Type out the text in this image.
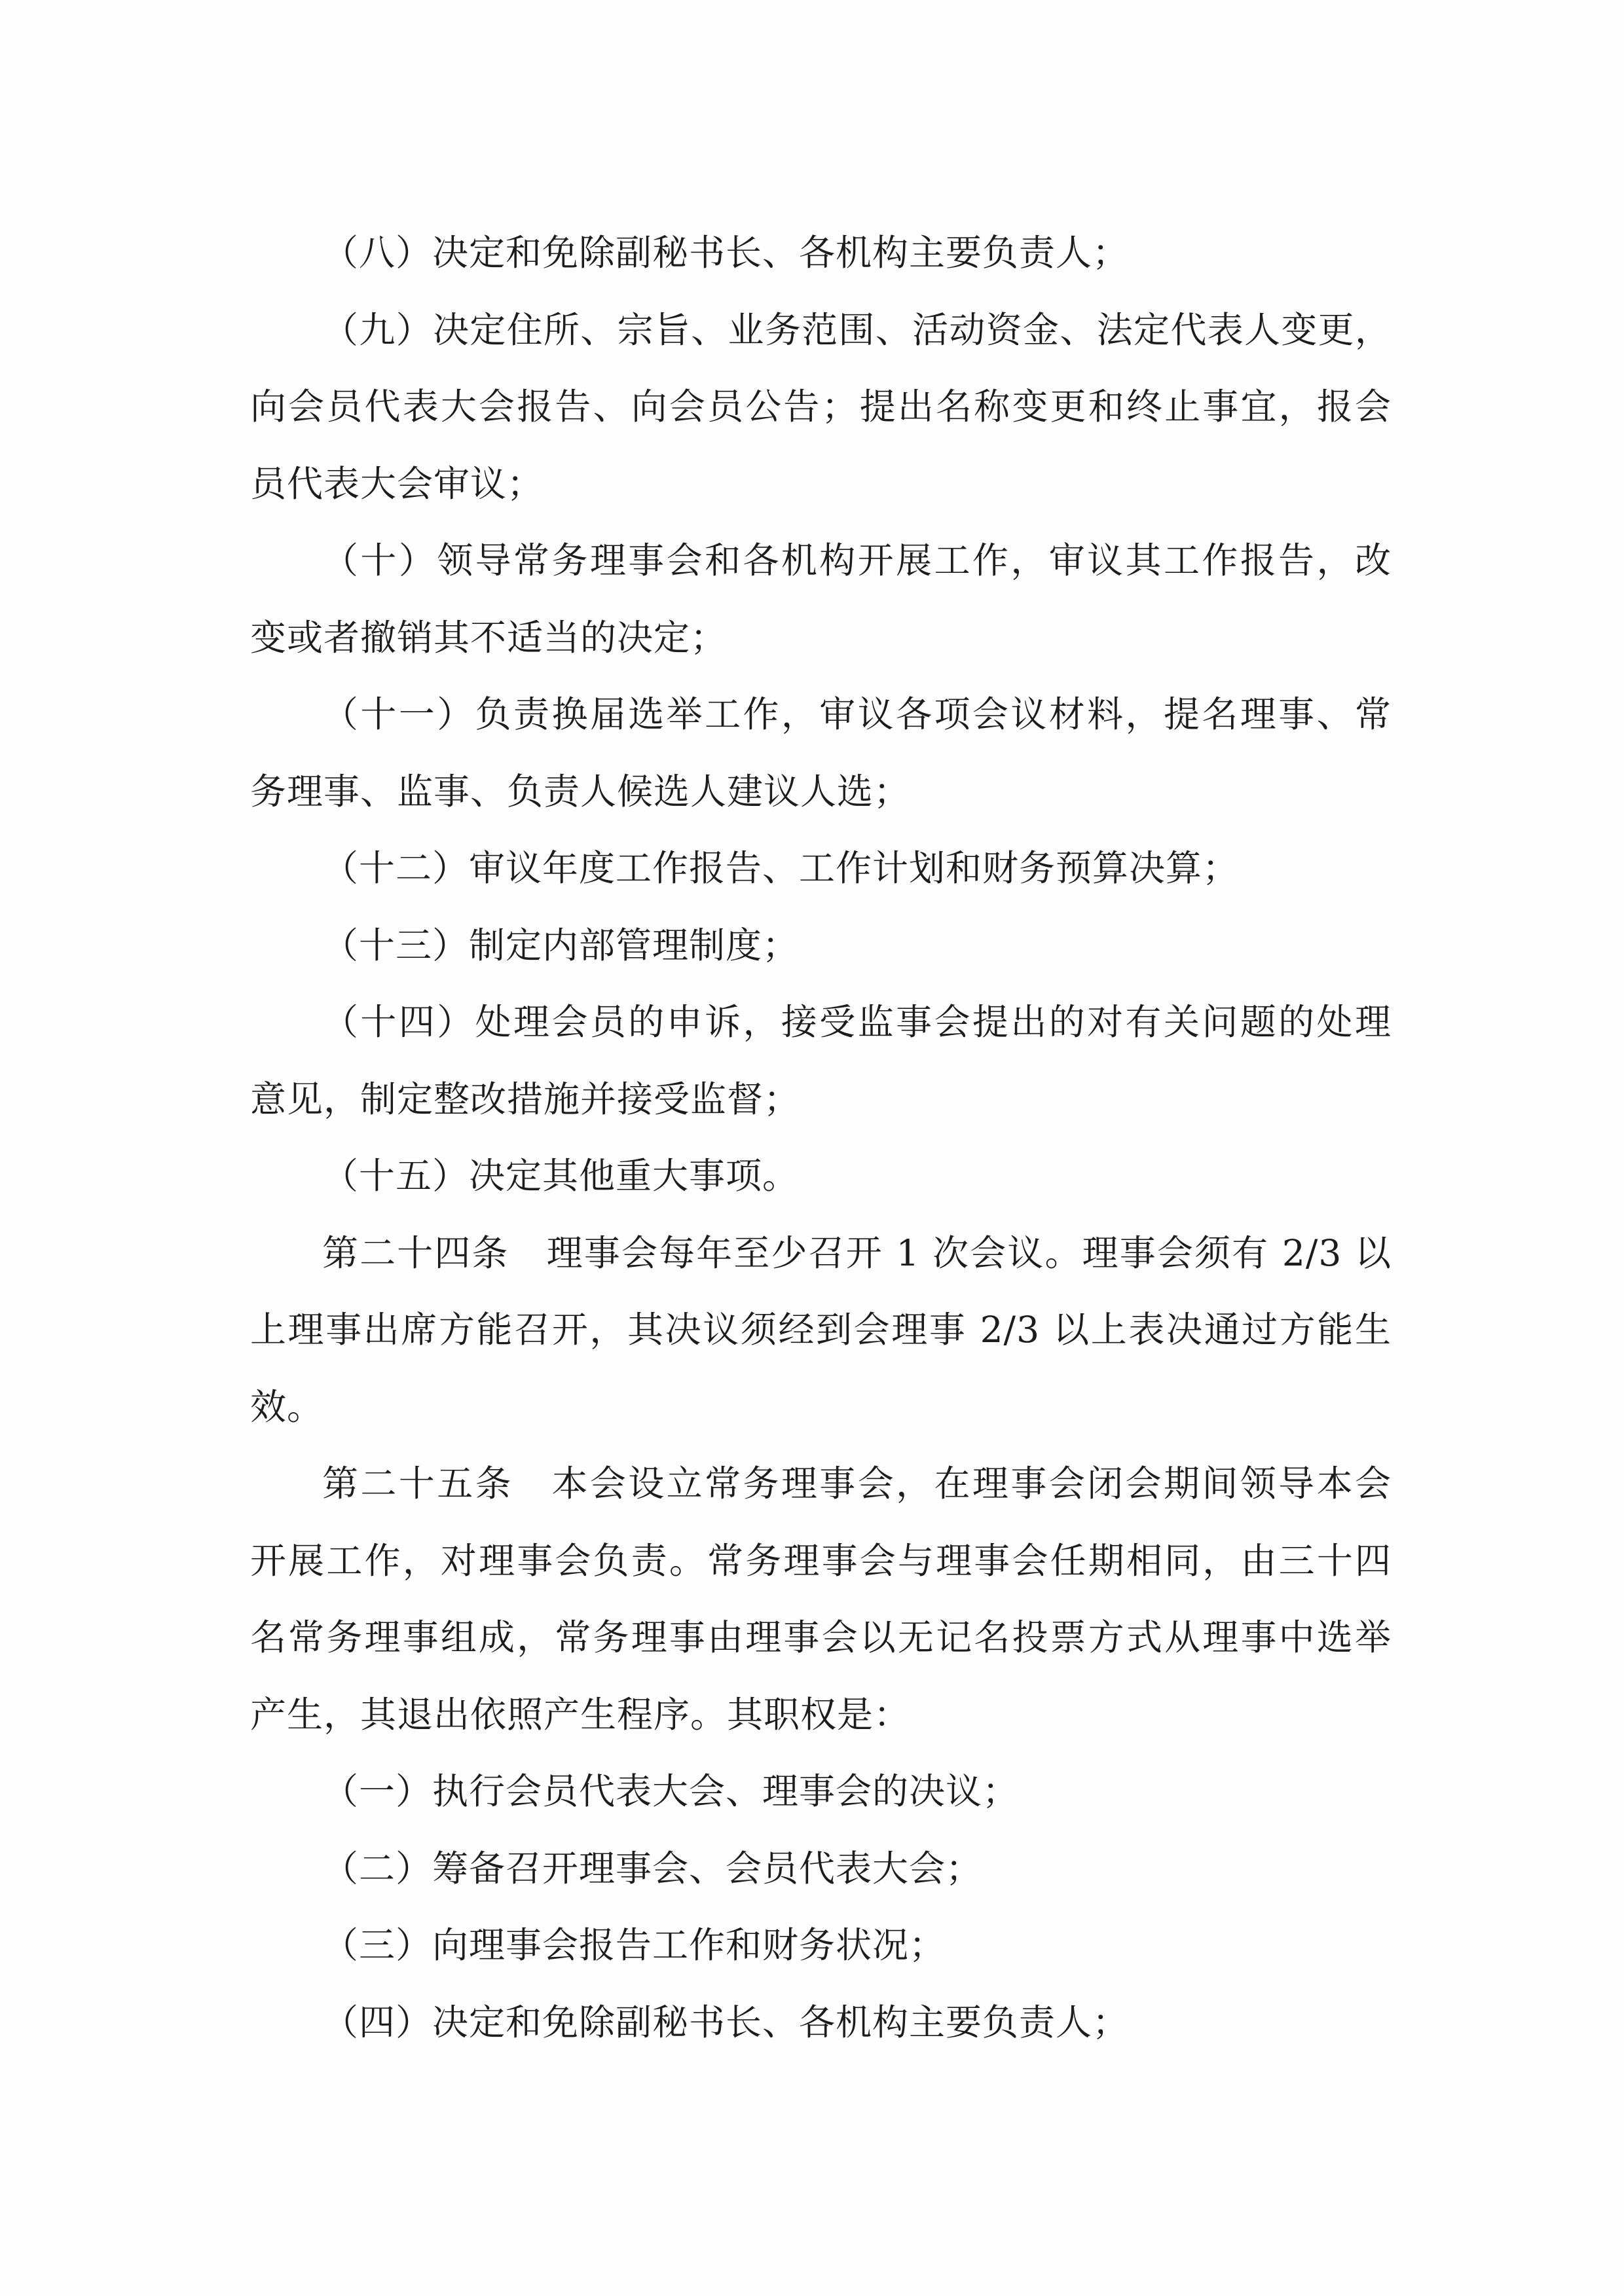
（八）决定和免除副秘书长、各机构主要负责人；
（九）决定住所、宗旨、业务范围、活动资金、法定代表人变更，
向会员代表大会报告、向会员公告；提出名称变更和终止事宜，报会
员代表大会审议；
（十）领导常务理事会和各机构开展工作，审议其工作报告，改
变或者撤销其不适当的决定；
（十一）负责换届选举工作，审议各项会议材料，提名理事、常
务理事、监事、负责人候选人建议人选；
（十二）审议年度工作报告、工作计划和财务预算决算；
（十三）制定内部管理制度；
（十四）处理会员的申诉，接受监事会提出的对有关问题的处理
意见，制定整改措施并接受监督；
（十五）决定其他重大事项。
第二十四条　理事会每年至少召开 1 次会议。理事会须有 2/3 以
上理事出席方能召开，其决议须经到会理事 2/3 以上表决通过方能生
效。
第二十五条　本会设立常务理事会，在理事会闭会期间领导本会
开展工作，对理事会负责。常务理事会与理事会任期相同，由三十四
名常务理事组成，常务理事由理事会以无记名投票方式从理事中选举
产生，其退出依照产生程序。其职权是：
（一）执行会员代表大会、理事会的决议；
（二）筹备召开理事会、会员代表大会；
（三）向理事会报告工作和财务状况；
（四）决定和免除副秘书长、各机构主要负责人；
